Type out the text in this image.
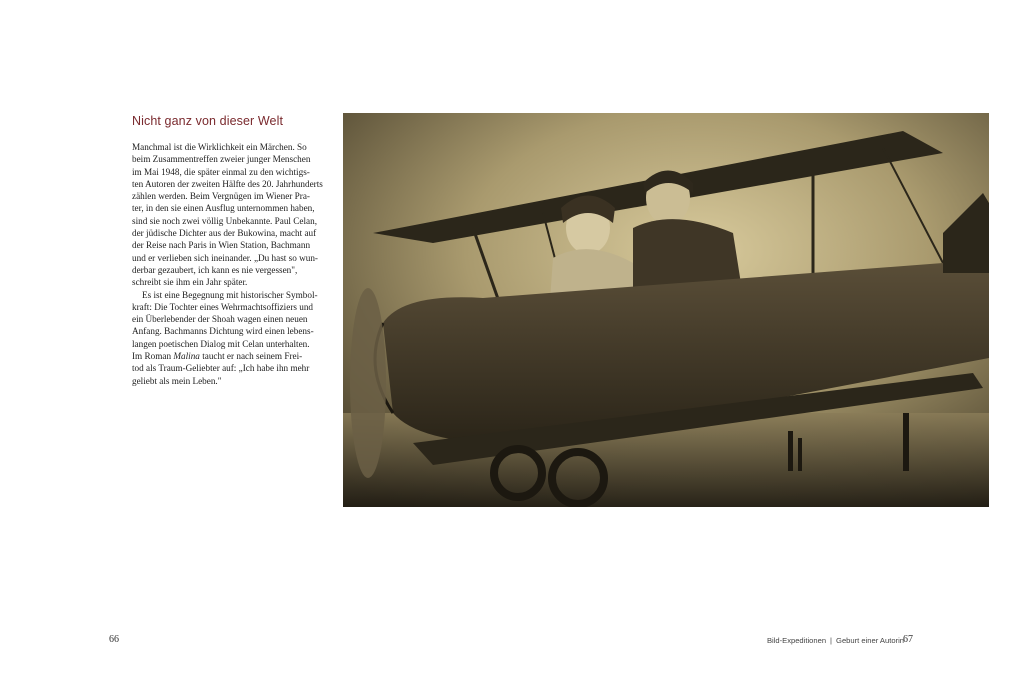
Nicht ganz von dieser Welt

Manchmal ist die Wirklichkeit ein Märchen. So
beim Zusammentreffen zweier junger Menschen
im Mai 1948, die später einmal zu den wichtigs-
ten Autoren der zweiten Hälfte des 20. Jahrhunderts
zählen werden. Beim Vergnügen im Wiener Pra-
ter, in den sie einen Ausflug unternommen haben,
sind sie noch zwei völlig Unbekannte. Paul Celan,
der jüdische Dichter aus der Bukowina, macht auf
der Reise nach Paris in Wien Station, Bachmann
und er verlieben sich ineinander. „Du hast so wun-
derbar gezaubert, ich kann es nie vergessen",
schreibt sie ihm ein Jahr später.

Es ist eine Begegnung mit historischer Symbol-
kraft: Die Tochter eines Wehrmachtsoffiziers und
ein Überlebender der Shoah wagen einen neuen
Anfang. Bachmanns Dichtung wird einen lebens-
langen poetischen Dialog mit Celan unterhalten.
Im Roman Malina taucht er nach seinem Frei-
tod als Traum-Geliebter auf: „Ich habe ihn mehr
geliebt als mein Leben."

66	Bild-Expeditionen | Geburt einer Autorin 67
